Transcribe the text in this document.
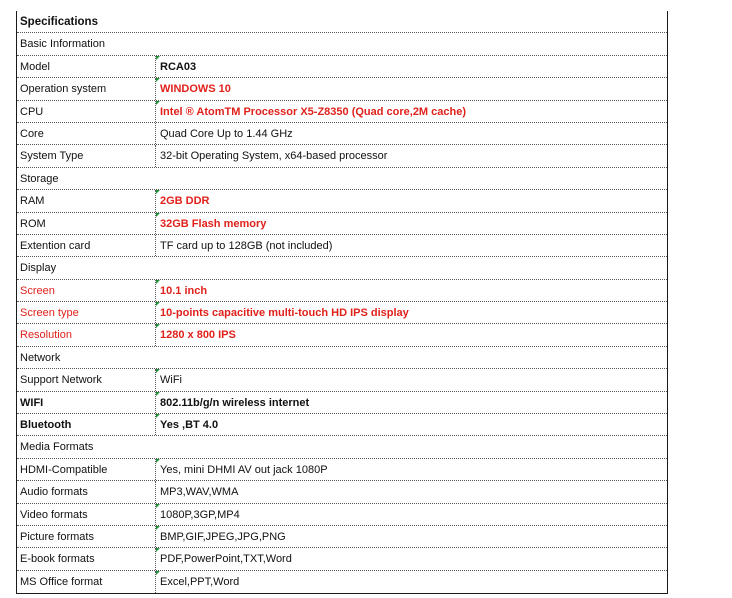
Specifications
Basic Information
Model	RCA03
Operation system	WINDOWS 10
CPU	Intel ® AtomTM Processor X5-Z8350 (Quad core,2M cache)
Core	Quad Core Up to 1.44 GHz
System Type	32-bit Operating System, x64-based processor
Storage
RAM	2GB DDR
ROM	32GB Flash memory
Extention card	TF card up to 128GB (not included)
Display
Screen	10.1 inch
Screen type	10-points capacitive multi-touch HD IPS display
Resolution	1280 x 800 IPS
Network
Support Network	WiFi
WIFI	802.11b/g/n wireless internet
Bluetooth	Yes ,BT 4.0
Media Formats
HDMI-Compatible	Yes, mini DHMI AV out jack 1080P
Audio formats	MP3,WAV,WMA
Video formats	1080P,3GP,MP4
Picture formats	BMP,GIF,JPEG,JPG,PNG
E-book formats	PDF,PowerPoint,TXT,Word
MS Office format	Excel,PPT,Word
